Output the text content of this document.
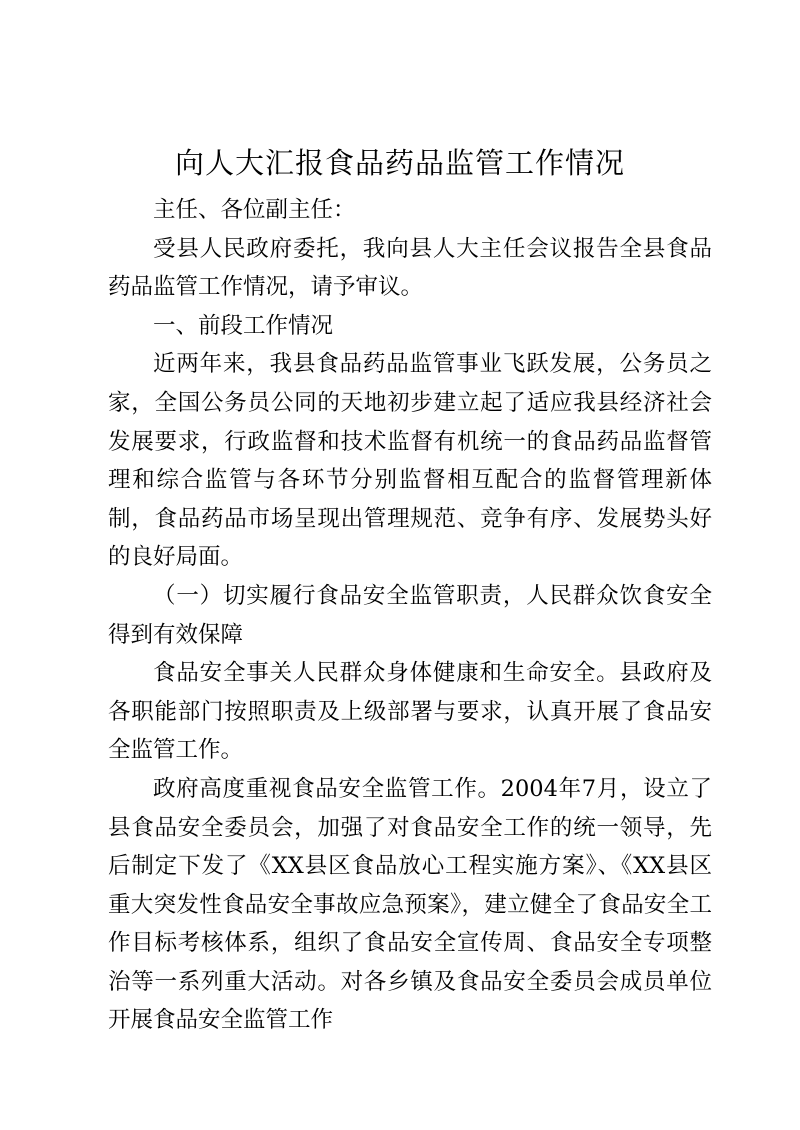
向人大汇报食品药品监管工作情况

主任、各位副主任：

受县人民政府委托，我向县人大主任会议报告全县食品药品监管工作情况，请予审议。

一、前段工作情况

近两年来，我县食品药品监管事业飞跃发展，公务员之家，全国公务员公同的天地初步建立起了适应我县经济社会发展要求，行政监督和技术监督有机统一的食品药品监督管理和综合监管与各环节分别监督相互配合的监督管理新体制，食品药品市场呈现出管理规范、竞争有序、发展势头好的良好局面。

（一）切实履行食品安全监管职责，人民群众饮食安全得到有效保障

食品安全事关人民群众身体健康和生命安全。县政府及各职能部门按照职责及上级部署与要求，认真开展了食品安全监管工作。

政府高度重视食品安全监管工作。2004年7月，设立了县食品安全委员会，加强了对食品安全工作的统一领导，先后制定下发了《XX县区食品放心工程实施方案》、《XX县区重大突发性食品安全事故应急预案》，建立健全了食品安全工作目标考核体系，组织了食品安全宣传周、食品安全专项整治等一系列重大活动。对各乡镇及食品安全委员会成员单位开展食品安全监管工作
